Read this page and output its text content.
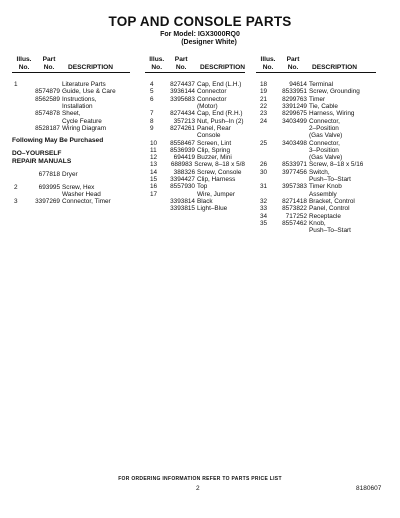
TOP AND CONSOLE PARTS
For Model: IGX3000RQ0
(Designer White)
Illus.
No.
Part
No.	DESCRIPTION
1	Literature Parts
8574879 Guide, Use & Care
8562589 Instructions,
Installation
8574878 Sheet,
Cycle Feature
8528187 Wiring Diagram
Following May Be Purchased
DO–YOURSELF
REPAIR MANUALS
677818 Dryer
2	693995 Screw, Hex
Washer Head
3	3397269 Connector, Timer
Illus.
No.
Part
No.	DESCRIPTION
4	8274437 Cap, End (L.H.)
5	3936144 Connector
6	3395683 Connector
(Motor)
7	8274434 Cap, End (R.H.)
8	357213 Nut, Push–In (2)
9	8274261 Panel, Rear
Console
10	8558467 Screen, Lint
11	8536939 Clip, Spring
12	694419 Buzzer, Mini
13	688983 Screw, 8–18 x 5/8
14	388326 Screw, Console
15	3394427 Clip, Harness
16	8557930 Top
17	Wire, Jumper
3393814 Black
3393815 Light–Blue
Illus.
No.
Part
No.	DESCRIPTION
18	94614 Terminal
19	8533951 Screw, Grounding
21	8299763 Timer
22	3391249 Tie, Cable
23	8299675 Harness, Wiring
24	3403499 Connector,
2–Position
(Gas Valve)
25	3403498 Connector,
3–Position
(Gas Valve)
26	8533971 Screw, 8–18 x 5/16
30	3977456 Switch,
Push–To–Start
31	3957383 Timer Knob
Assembly
32	8271418 Bracket, Control
33	8573822 Panel, Control
34	717252 Receptacle
35	8557462 Knob,
Push–To–Start
FOR ORDERING INFORMATION REFER TO PARTS PRICE LIST
2	8180607
